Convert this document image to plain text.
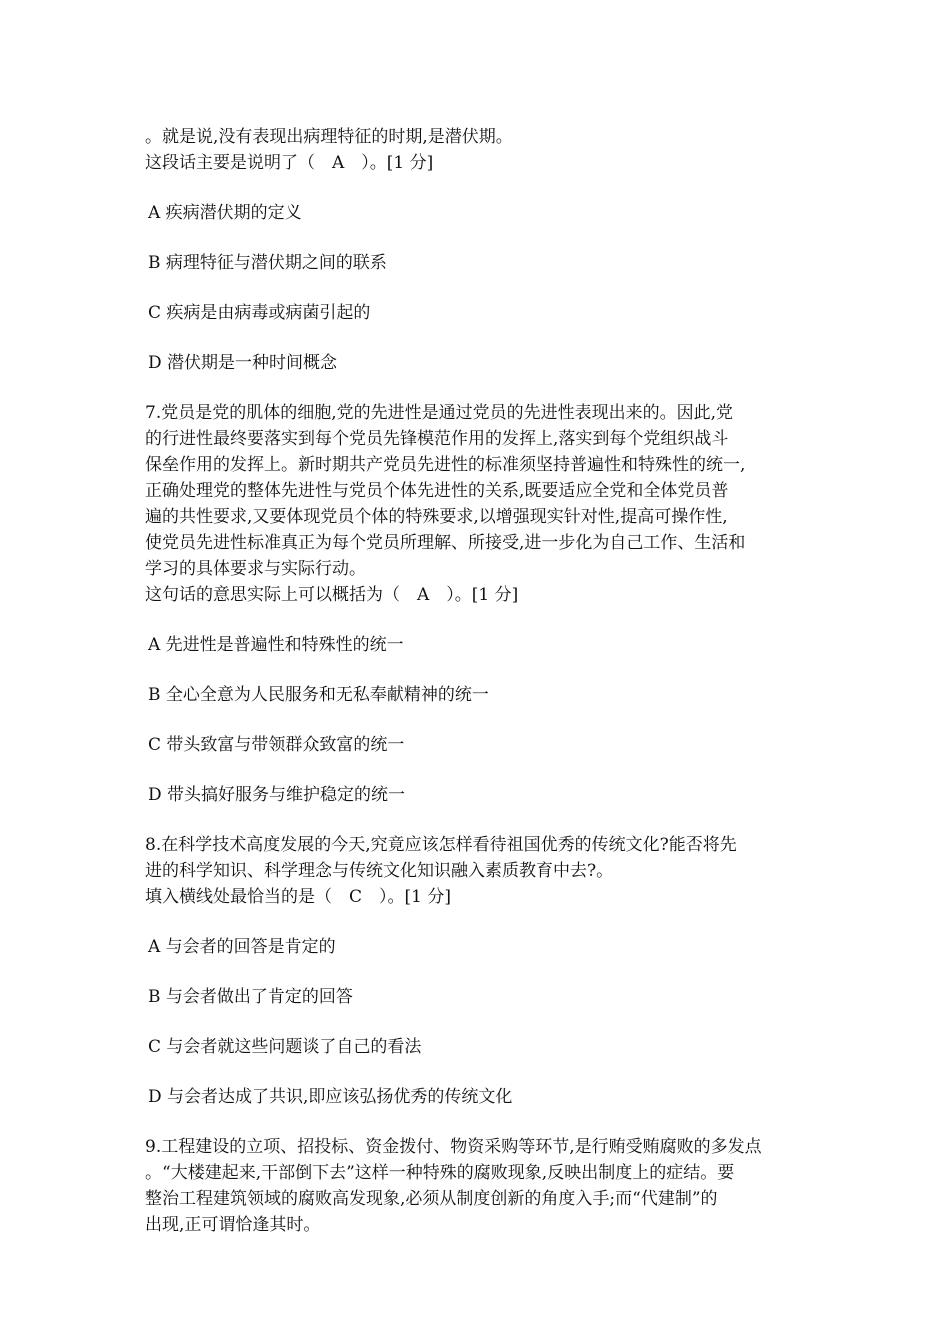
。就是说,没有表现出病理特征的时期,是潜伏期。
这段话主要是说明了（　A　）。[1 分]
A 疾病潜伏期的定义
B 病理特征与潜伏期之间的联系
C 疾病是由病毒或病菌引起的
D 潜伏期是一种时间概念
7.党员是党的肌体的细胞,党的先进性是通过党员的先进性表现出来的。因此,党
的行进性最终要落实到每个党员先锋模范作用的发挥上,落实到每个党组织战斗
保垒作用的发挥上。新时期共产党员先进性的标准须坚持普遍性和特殊性的统一,
正确处理党的整体先进性与党员个体先进性的关系,既要适应全党和全体党员普
遍的共性要求,又要体现党员个体的特殊要求,以增强现实针对性,提高可操作性,
使党员先进性标准真正为每个党员所理解、所接受,进一步化为自己工作、生活和
学习的具体要求与实际行动。
这句话的意思实际上可以概括为（　A　）。[1 分]
A 先进性是普遍性和特殊性的统一
B 全心全意为人民服务和无私奉献精神的统一
C 带头致富与带领群众致富的统一
D 带头搞好服务与维护稳定的统一
8.在科学技术高度发展的今天,究竟应该怎样看待祖国优秀的传统文化?能否将先
进的科学知识、科学理念与传统文化知识融入素质教育中去?。
填入横线处最恰当的是（　C　）。[1 分]
A 与会者的回答是肯定的
B 与会者做出了肯定的回答
C 与会者就这些问题谈了自己的看法
D 与会者达成了共识,即应该弘扬优秀的传统文化
9.工程建设的立项、招投标、资金拨付、物资采购等环节,是行贿受贿腐败的多发点
。“大楼建起来,干部倒下去”这样一种特殊的腐败现象,反映出制度上的症结。要
整治工程建筑领域的腐败高发现象,必须从制度创新的角度入手;而“代建制”的
出现,正可谓恰逢其时。
